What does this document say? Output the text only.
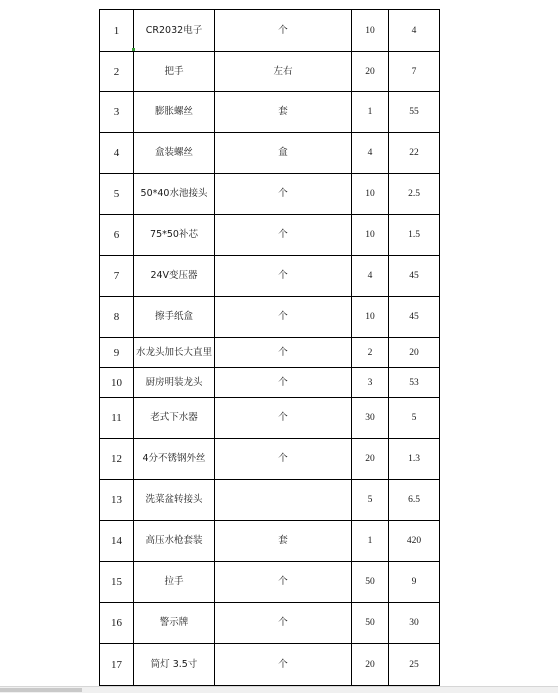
1	CR2032电子	个	10	4
2	把手	左右	20	7
3	膨胀螺丝	套	1	55
4	盒装螺丝	盒	4	22
5	50*40水池接头	个	10	2.5
6	75*50补芯	个	10	1.5
7	24V变压器	个	4	45
8	擦手纸盒	个	10	45
9	水龙头加长大直里	个	2	20
10	厨房明装龙头	个	3	53
11	老式下水器	个	30	5
12	4分不锈钢外丝	个	20	1.3
13	洗菜盆转接头		5	6.5
14	高压水枪套装	套	1	420
15	拉手	个	50	9
16	警示牌	个	50	30
17	筒灯 3.5寸	个	20	25
